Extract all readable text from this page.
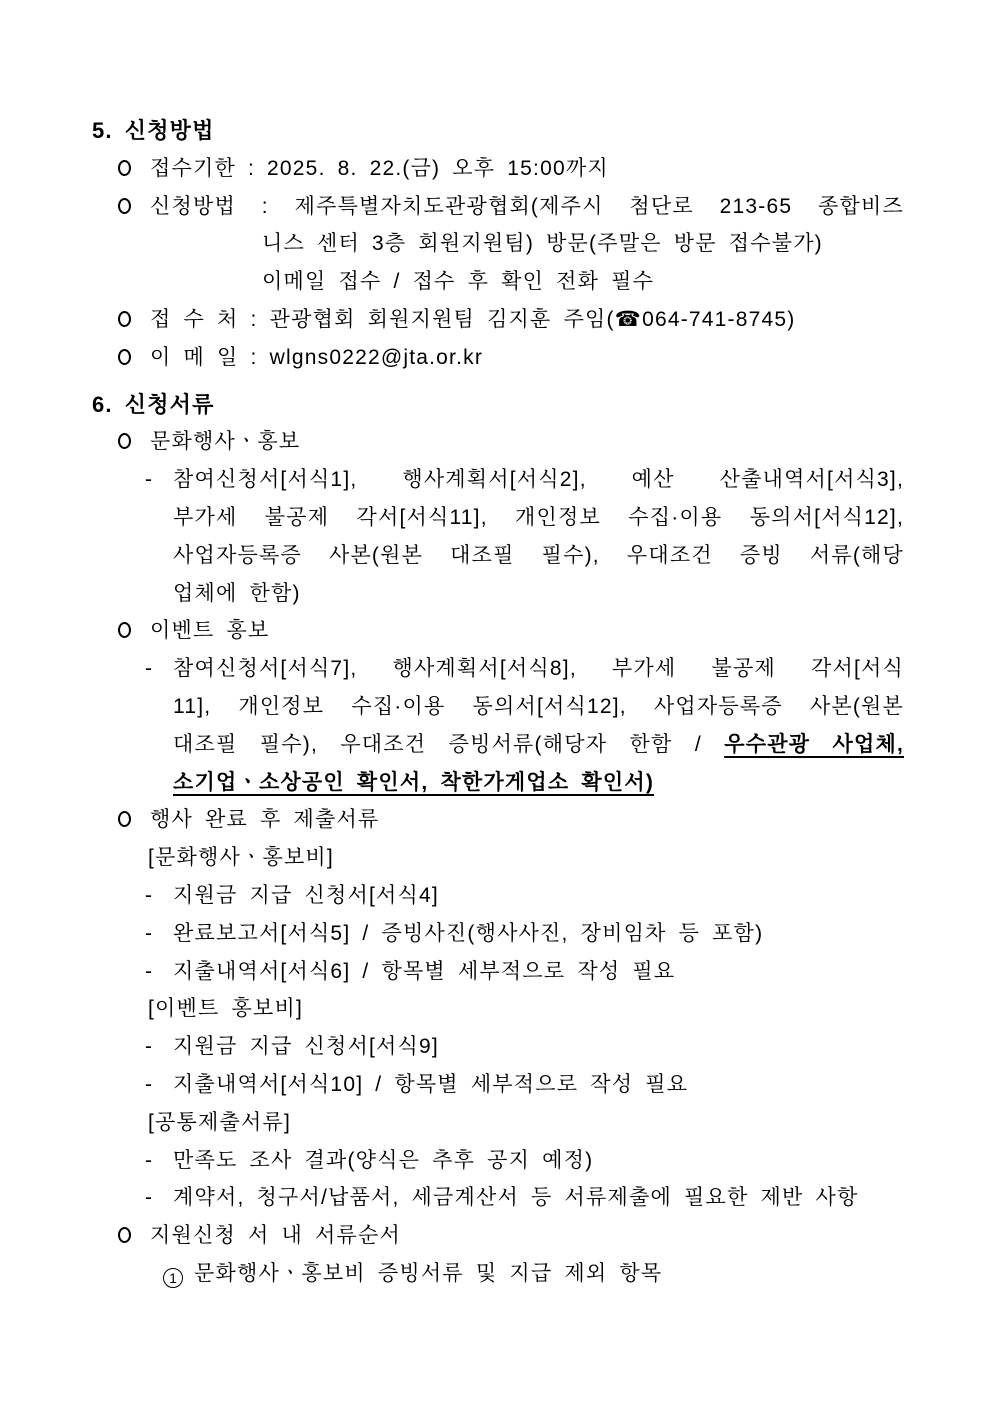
5. 신청방법
접수기한 : 2025. 8. 22.(금) 오후 15:00까지
신청방법 : 제주특별자치도관광협회(제주시 첨단로 213-65 종합비즈
니스 센터 3층 회원지원팀) 방문(주말은 방문 접수불가)
이메일 접수 / 접수 후 확인 전화 필수
접 수 처 : 관광협회 회원지원팀 김지훈 주임(☎064-741-8745)
이 메 일 : wlgns0222@jta.or.kr
6. 신청서류
문화행사ㆍ홍보
- 참여신청서[서식1], 행사계획서[서식2], 예산 산출내역서[서식3],
부가세 불공제 각서[서식11], 개인정보 수집·이용 동의서[서식12],
사업자등록증 사본(원본 대조필 필수), 우대조건 증빙 서류(해당
업체에 한함)
이벤트 홍보
- 참여신청서[서식7], 행사계획서[서식8], 부가세 불공제 각서[서식
11], 개인정보 수집·이용 동의서[서식12], 사업자등록증 사본(원본
대조필 필수), 우대조건 증빙서류(해당자 한함 / 우수관광 사업체,
소기업ㆍ소상공인 확인서, 착한가게업소 확인서)
행사 완료 후 제출서류
[문화행사ㆍ홍보비]
- 지원금 지급 신청서[서식4]
- 완료보고서[서식5] / 증빙사진(행사사진, 장비임차 등 포함)
- 지출내역서[서식6] / 항목별 세부적으로 작성 필요
[이벤트 홍보비]
- 지원금 지급 신청서[서식9]
- 지출내역서[서식10] / 항목별 세부적으로 작성 필요
[공통제출서류]
- 만족도 조사 결과(양식은 추후 공지 예정)
- 계약서, 청구서/납품서, 세금계산서 등 서류제출에 필요한 제반 사항
지원신청 서 내 서류순서
1 문화행사ㆍ홍보비 증빙서류 및 지급 제외 항목
